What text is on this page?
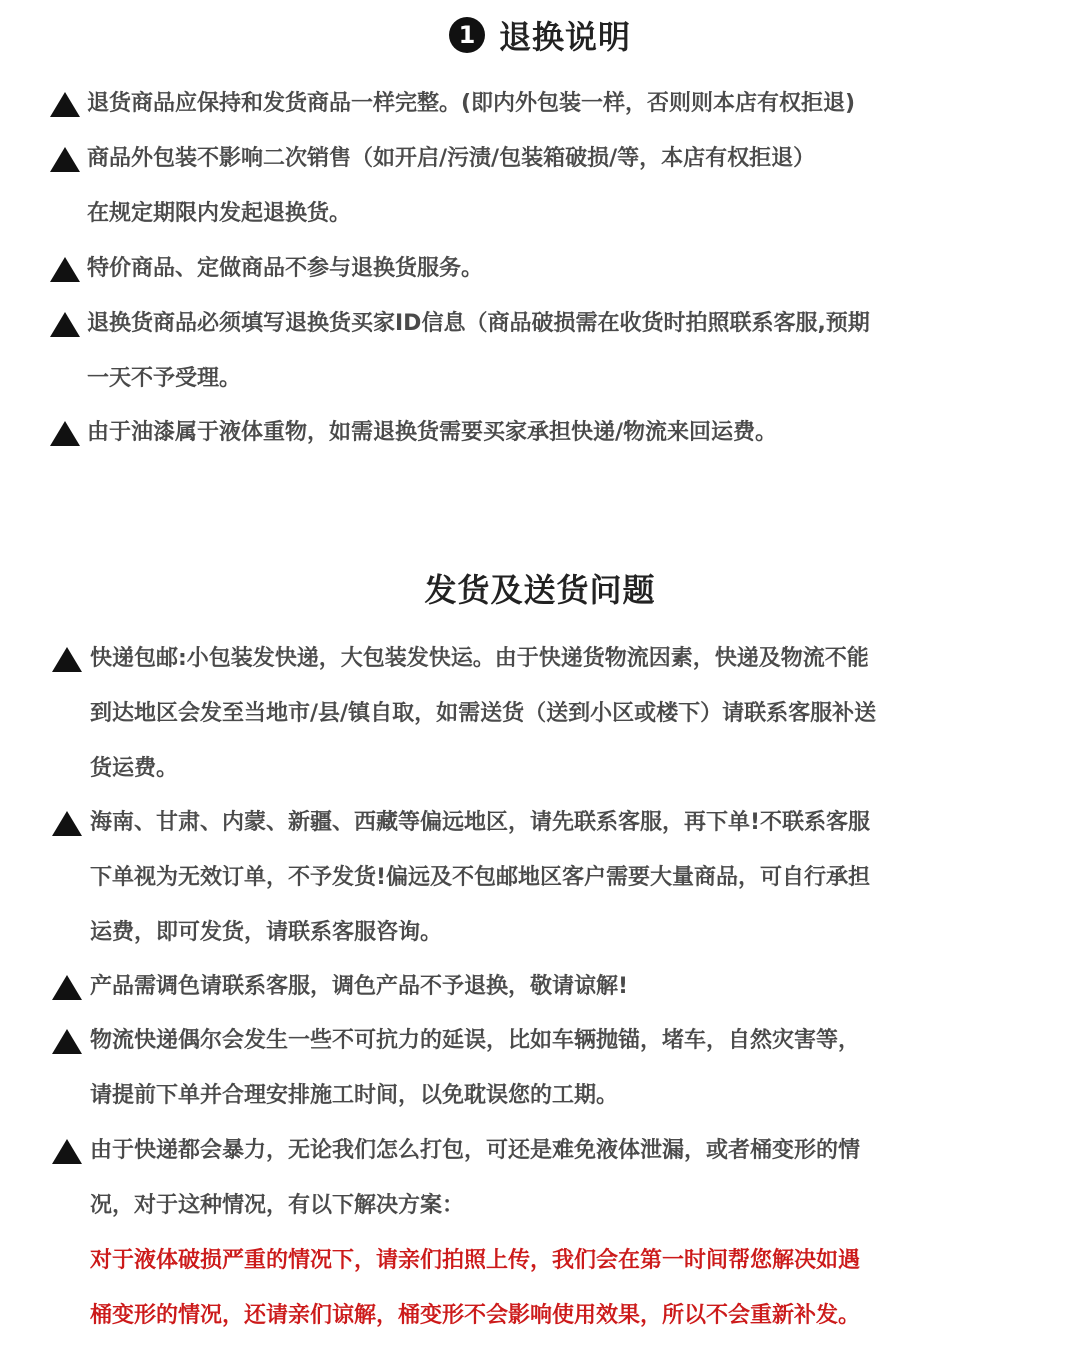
1 退换说明
退货商品应保持和发货商品一样完整。(即内外包装一样，否则则本店有权拒退)
商品外包装不影响二次销售（如开启/污渍/包装箱破损/等，本店有权拒退）
在规定期限内发起退换货。
特价商品、定做商品不参与退换货服务。
退换货商品必须填写退换货买家ID信息（商品破损需在收货时拍照联系客服,预期
一天不予受理。
由于油漆属于液体重物，如需退换货需要买家承担快递/物流来回运费。
发货及送货问题
快递包邮:小包装发快递，大包装发快运。由于快递货物流因素，快递及物流不能
到达地区会发至当地市/县/镇自取，如需送货（送到小区或楼下）请联系客服补送
货运费。
海南、甘肃、内蒙、新疆、西藏等偏远地区，请先联系客服，再下单!不联系客服
下单视为无效订单，不予发货!偏远及不包邮地区客户需要大量商品，可自行承担
运费，即可发货，请联系客服咨询。
产品需调色请联系客服，调色产品不予退换，敬请谅解!
物流快递偶尔会发生一些不可抗力的延误，比如车辆抛锚，堵车，自然灾害等，
请提前下单并合理安排施工时间，以免耽误您的工期。
由于快递都会暴力，无论我们怎么打包，可还是难免液体泄漏，或者桶变形的情
况，对于这种情况，有以下解决方案：
对于液体破损严重的情况下，请亲们拍照上传，我们会在第一时间帮您解决如遇
桶变形的情况，还请亲们谅解，桶变形不会影响使用效果，所以不会重新补发。
